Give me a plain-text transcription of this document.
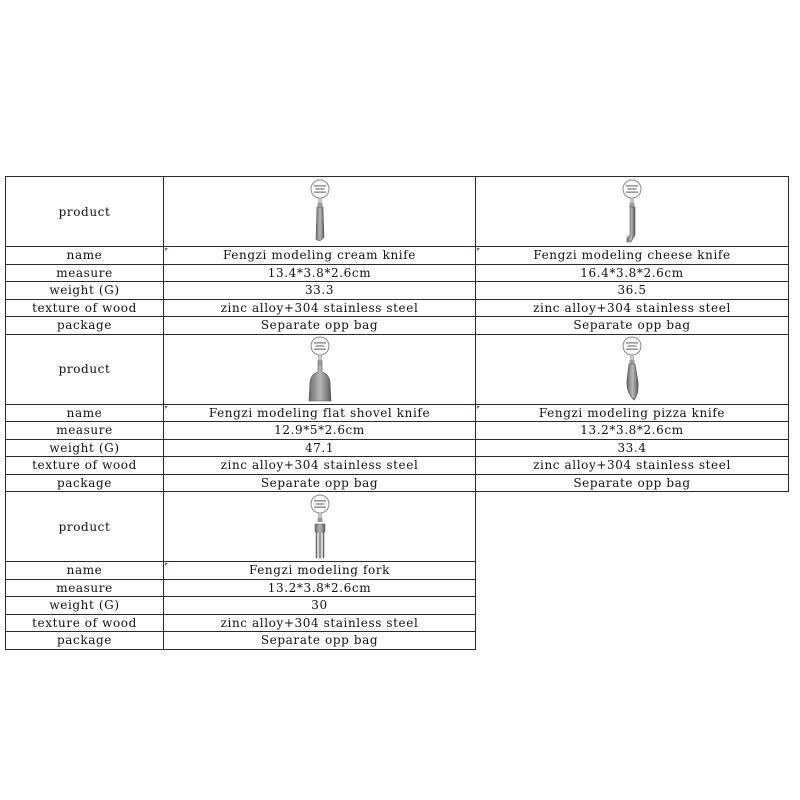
product	

name	Fengzi modeling cream knife	Fengzi modeling cheese knife
measure	13.4*3.8*2.6cm	16.4*3.8*2.6cm
weight (G)	33.3	36.5
texture of wood	zinc alloy+304 stainless steel	zinc alloy+304 stainless steel
package	Separate opp bag	Separate opp bag
product	

name	Fengzi modeling flat shovel knife	Fengzi modeling pizza knife
measure	12.9*5*2.6cm	13.2*3.8*2.6cm
weight (G)	47.1	33.4
texture of wood	zinc alloy+304 stainless steel	zinc alloy+304 stainless steel
package	Separate opp bag	Separate opp bag
product	

name	Fengzi modeling fork	
measure	13.2*3.8*2.6cm	
weight (G)	30	
texture of wood	zinc alloy+304 stainless steel	
package	Separate opp bag	
